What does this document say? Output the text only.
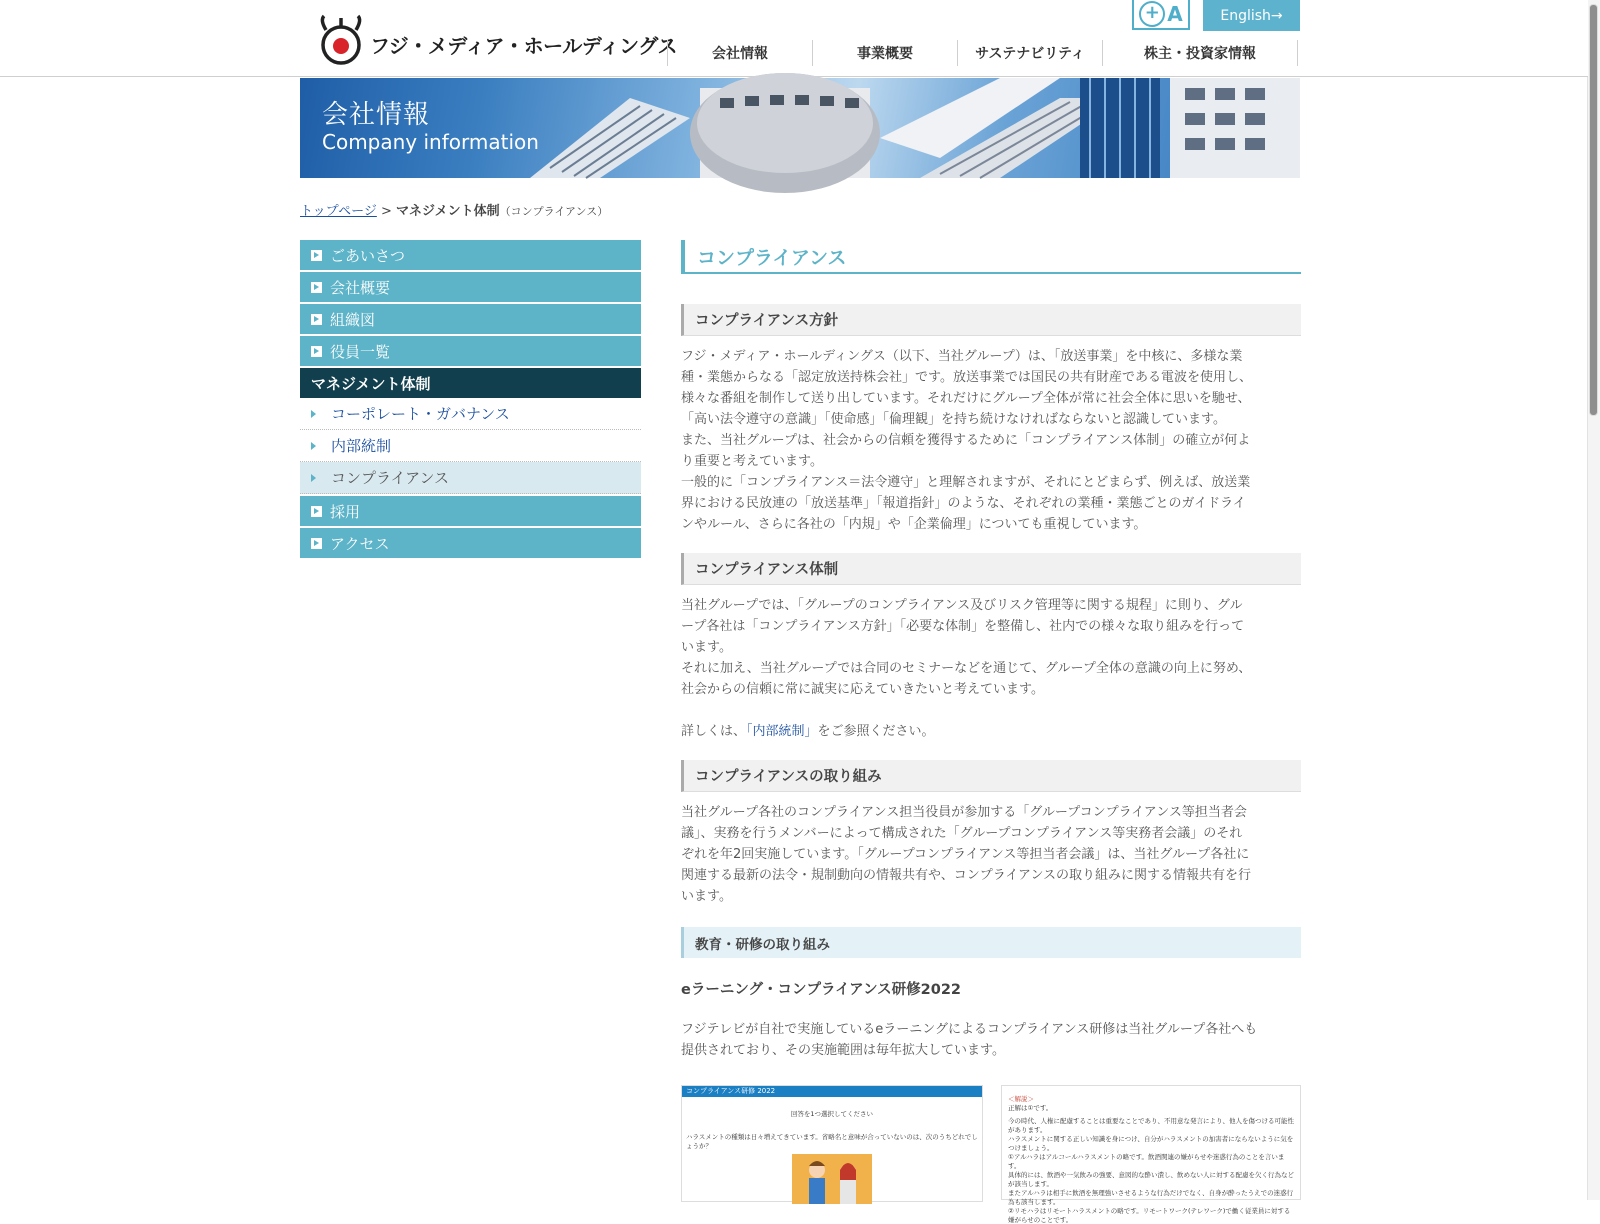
フジ・メディア・ホールディングス
+ A	English→
会社情報	事業概要	サステナビリティ	株主・投資家情報
会社情報
Company information
トップページ > マネジメント体制（コンプライアンス）
ごあいさつ
会社概要
組織図
役員一覧
マネジメント体制
コーポレート・ガバナンス
内部統制
コンプライアンス
採用
アクセス
コンプライアンス
コンプライアンス方針

フジ・メディア・ホールディングス（以下、当社グループ）は、「放送事業」を中核に、多様な業

種・業態からなる「認定放送持株会社」です。放送事業では国民の共有財産である電波を使用し、

様々な番組を制作して送り出しています。それだけにグループ全体が常に社会全体に思いを馳せ、

「高い法令遵守の意識」「使命感」「倫理観」を持ち続けなければならないと認識しています。

また、当社グループは、社会からの信頼を獲得するために「コンプライアンス体制」の確立が何よ

り重要と考えています。

一般的に「コンプライアンス＝法令遵守」と理解されますが、それにとどまらず、例えば、放送業

界における民放連の「放送基準」「報道指針」のような、それぞれの業種・業態ごとのガイドライ

ンやルール、さらに各社の「内規」や「企業倫理」についても重視しています。

コンプライアンス体制

当社グループでは、「グループのコンプライアンス及びリスク管理等に関する規程」に則り、グル

ープ各社は「コンプライアンス方針」「必要な体制」を整備し、社内での様々な取り組みを行って

います。

それに加え、当社グループでは合同のセミナーなどを通じて、グループ全体の意識の向上に努め、

社会からの信頼に常に誠実に応えていきたいと考えています。

詳しくは、「内部統制」をご参照ください。

コンプライアンスの取り組み

当社グループ各社のコンプライアンス担当役員が参加する「グループコンプライアンス等担当者会

議」、実務を行うメンバーによって構成された「グループコンプライアンス等実務者会議」のそれ

ぞれを年2回実施しています。「グループコンプライアンス等担当者会議」は、当社グループ各社に

関連する最新の法令・規制動向の情報共有や、コンプライアンスの取り組みに関する情報共有を行

います。

教育・研修の取り組み
eラーニング・コンプライアンス研修2022

フジテレビが自社で実施しているeラーニングによるコンプライアンス研修は当社グループ各社へも

提供されており、その実施範囲は毎年拡大しています。

コンプライアンス研修 2022
回答を1つ選択してください
ハラスメントの種類は日々増えてきています。省略名と意味が合っていないのは、次のうちどれでしょうか？
＜解説＞
正解は①です。
今の時代、人権に配慮することは重要なことであり、不用意な発言により、他人を傷つける可能性があります。
ハラスメントに関する正しい知識を身につけ、自分がハラスメントの加害者にならないように気をつけましょう。
①アルハラはアルコールハラスメントの略です。飲酒関連の嫌がらせや迷惑行為のことを言います。
具体的には、飲酒や一気飲みの強要、意図的な酔い潰し、飲めない人に対する配慮を欠く行為などが該当します。
またアルハラは相手に飲酒を無理強いさせるような行為だけでなく、自身が酔ったうえでの迷惑行為も該当します。
②リモハラはリモートハラスメントの略です。リモートワーク(テレワーク)で働く従業員に対する嫌がらせのことです。
